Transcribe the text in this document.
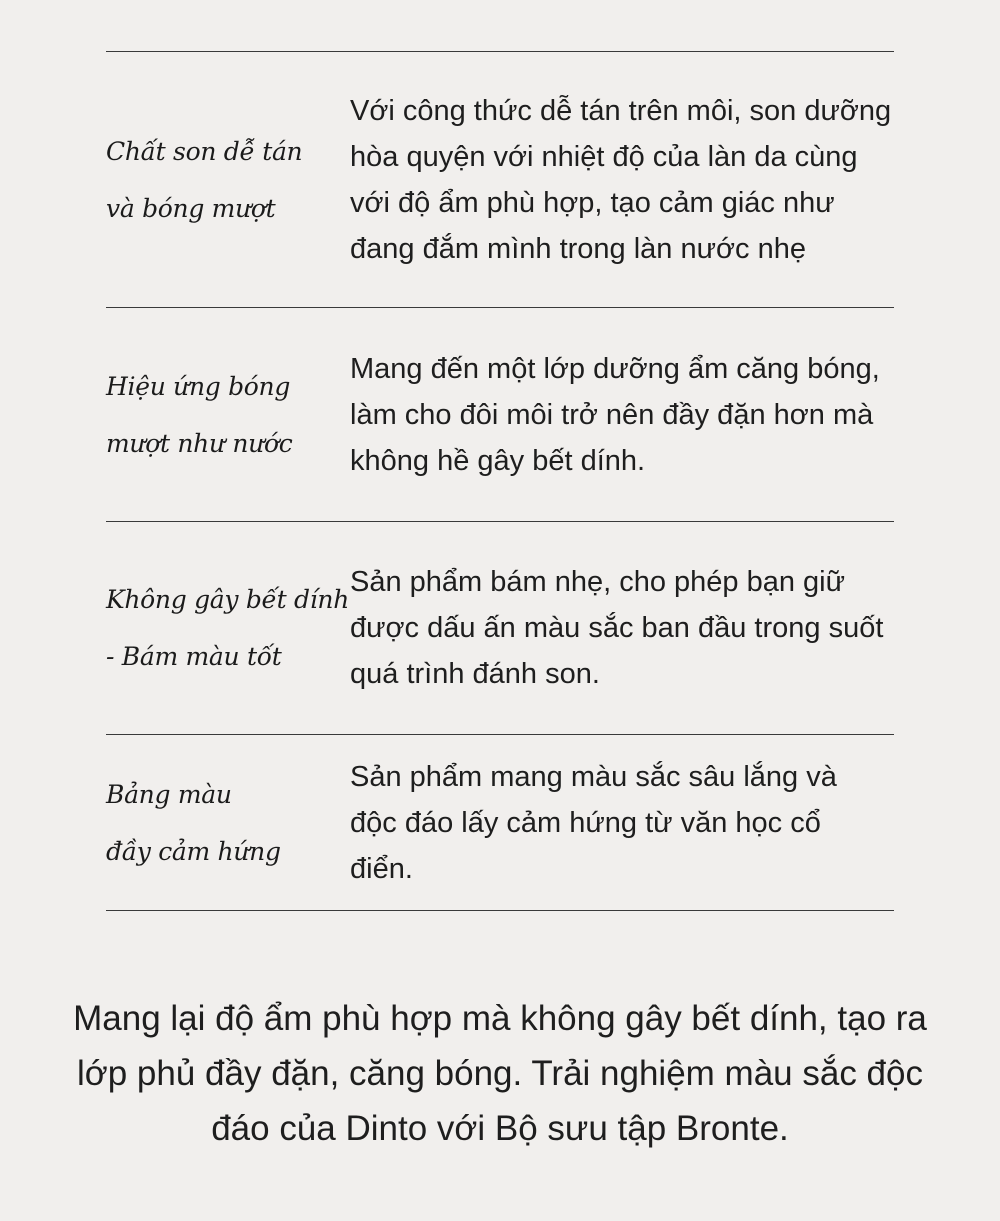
Chất son dễ tán
và bóng mượt
Với công thức dễ tán trên môi, son dưỡng
hòa quyện với nhiệt độ của làn da cùng
với độ ẩm phù hợp, tạo cảm giác như
đang đắm mình trong làn nước nhẹ
Hiệu ứng bóng
mượt như nước
Mang đến một lớp dưỡng ẩm căng bóng,
làm cho đôi môi trở nên đầy đặn hơn mà
không hề gây bết dính.
Không gây bết dính
- Bám màu tốt
Sản phẩm bám nhẹ, cho phép bạn giữ
được dấu ấn màu sắc ban đầu trong suốt
quá trình đánh son.
Bảng màu
đầy cảm hứng
Sản phẩm mang màu sắc sâu lắng và
độc đáo lấy cảm hứng từ văn học cổ
điển.
Mang lại độ ẩm phù hợp mà không gây bết dính, tạo ra
lớp phủ đầy đặn, căng bóng. Trải nghiệm màu sắc độc
đáo của Dinto với Bộ sưu tập Bronte.
